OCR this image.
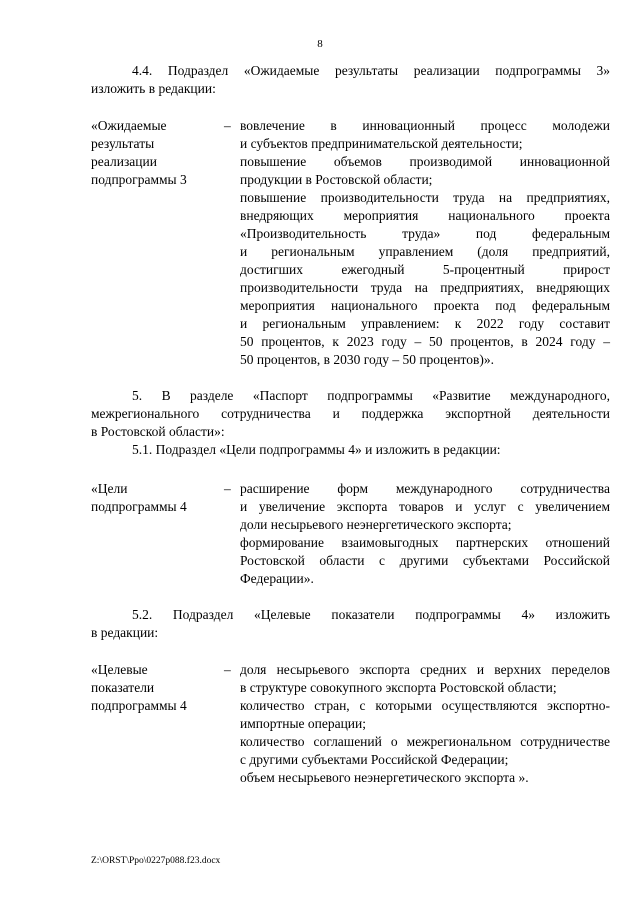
8
4.4. Подраздел «Ожидаемые результаты реализации подпрограммы 3»
изложить в редакции:
«Ожидаемые
результаты
реализации
подпрограммы 3
– вовлечение в инновационный процесс молодежи
и субъектов предпринимательской деятельности;
повышение объемов производимой инновационной
продукции в Ростовской области;
повышение производительности труда на предприятиях,
внедряющих мероприятия национального проекта
«Производительность труда» под федеральным
и региональным управлением (доля предприятий,
достигших ежегодный 5-процентный прирост
производительности труда на предприятиях, внедряющих
мероприятия национального проекта под федеральным
и региональным управлением: к 2022 году составит
50 процентов, к 2023 году – 50 процентов, в 2024 году –
50 процентов, в 2030 году – 50 процентов)».
5. В разделе «Паспорт подпрограммы «Развитие международного,
межрегионального сотрудничества и поддержка экспортной деятельности
в Ростовской области»:
5.1. Подраздел «Цели подпрограммы 4» и изложить в редакции:
«Цели
подпрограммы 4
– расширение форм международного сотрудничества
и увеличение экспорта товаров и услуг с увеличением
доли несырьевого неэнергетического экспорта;
формирование взаимовыгодных партнерских отношений
Ростовской области с другими субъектами Российской
Федерации».
5.2. Подраздел «Целевые показатели подпрограммы 4» изложить
в редакции:
«Целевые
показатели
подпрограммы 4
– доля несырьевого экспорта средних и верхних переделов
в структуре совокупного экспорта Ростовской области;
количество стран, с которыми осуществляются экспортно-
импортные операции;
количество соглашений о межрегиональном сотрудничестве
с другими субъектами Российской Федерации;
объем несырьевого неэнергетического экспорта ».
Z:\ORST\Ppo\0227p088.f23.docx
